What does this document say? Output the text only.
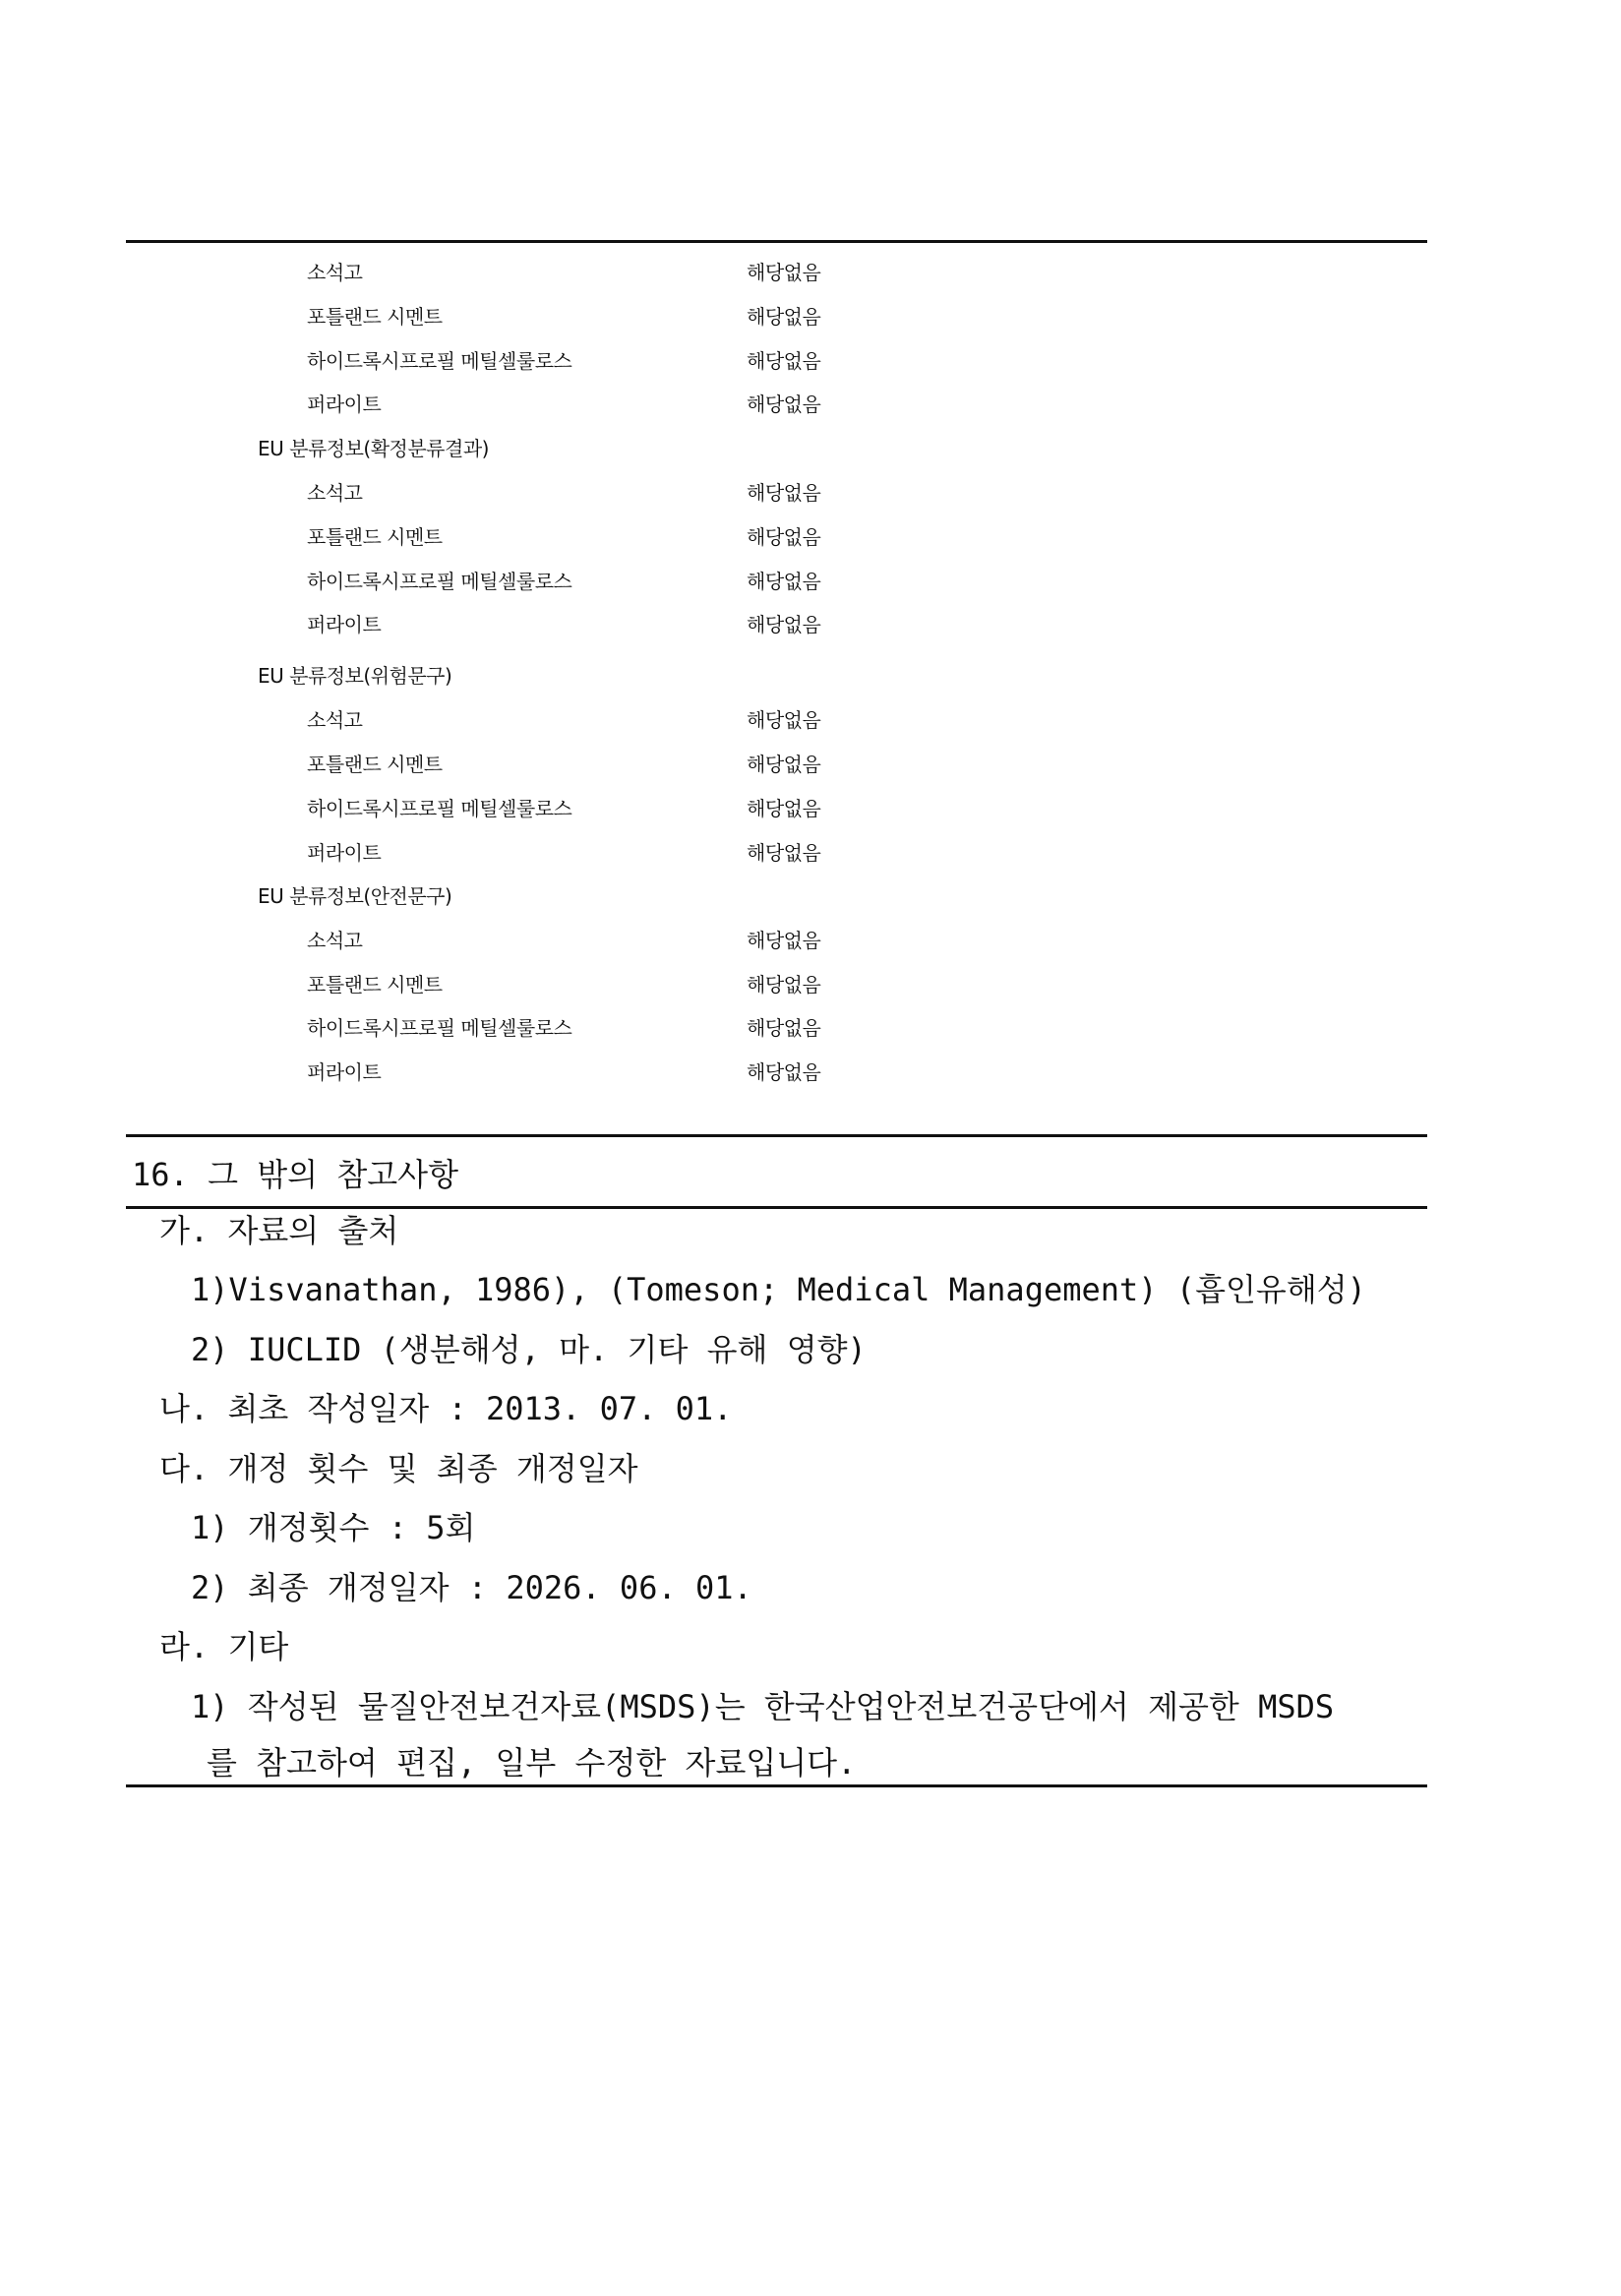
소석고	해당없음
포틀랜드 시멘트	해당없음
하이드록시프로필 메틸셀룰로스	해당없음
퍼라이트	해당없음
EU 분류정보(확정분류결과)
소석고	해당없음
포틀랜드 시멘트	해당없음
하이드록시프로필 메틸셀룰로스	해당없음
퍼라이트	해당없음
EU 분류정보(위험문구)
소석고	해당없음
포틀랜드 시멘트	해당없음
하이드록시프로필 메틸셀룰로스	해당없음
퍼라이트	해당없음
EU 분류정보(안전문구)
소석고	해당없음
포틀랜드 시멘트	해당없음
하이드록시프로필 메틸셀룰로스	해당없음
퍼라이트	해당없음
16. 그 밖의 참고사항
가. 자료의 출처
1)Visvanathan, 1986), (Tomeson; Medical Management) (흡인유해성)
2) IUCLID (생분해성, 마. 기타 유해 영향)
나. 최초 작성일자 : 2013. 07. 01.
다. 개정 횟수 및 최종 개정일자
1) 개정횟수 : 5회
2) 최종 개정일자 : 2026. 06. 01.
라. 기타
1) 작성된 물질안전보건자료(MSDS)는 한국산업안전보건공단에서 제공한 MSDS
를 참고하여 편집, 일부 수정한 자료입니다.
